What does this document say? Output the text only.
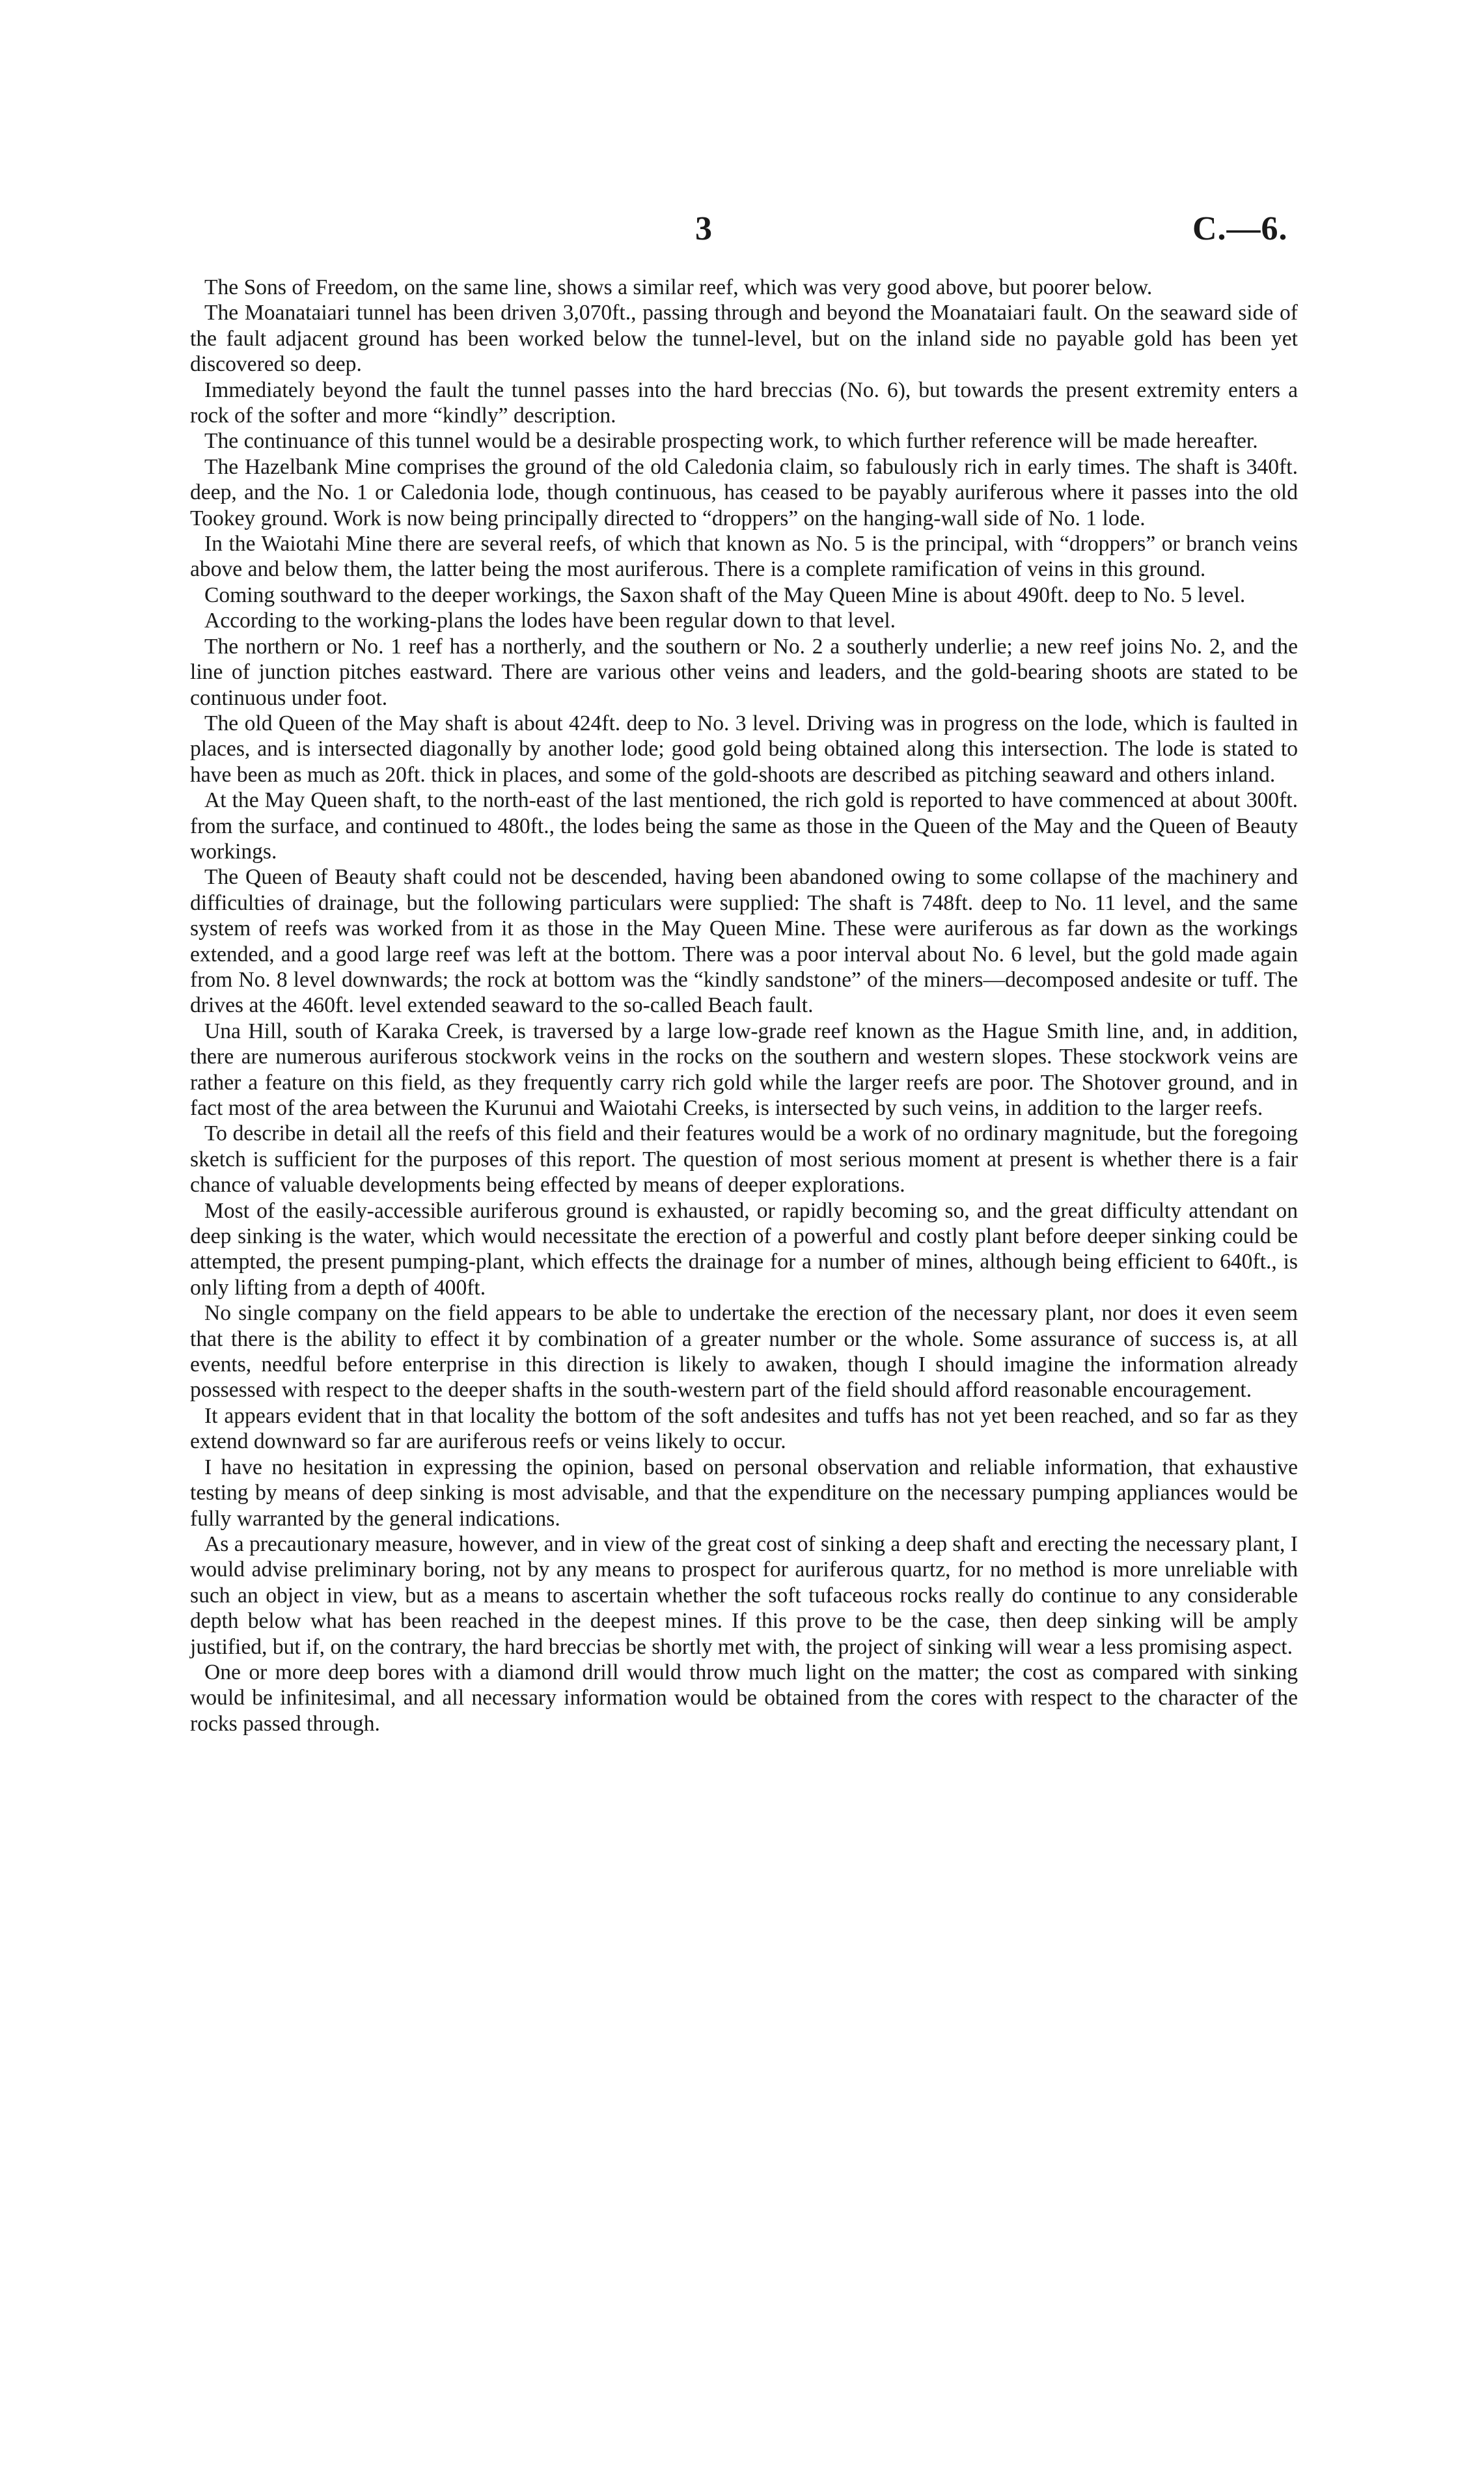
3	C.—6.

The Sons of Freedom, on the same line, shows a similar reef, which was very good above, but poorer below.

The Moanataiari tunnel has been driven 3,070ft., passing through and beyond the Moanataiari fault. On the seaward side of the fault adjacent ground has been worked below the tunnel-level, but on the inland side no payable gold has been yet discovered so deep.

Immediately beyond the fault the tunnel passes into the hard breccias (No. 6), but towards the present extremity enters a rock of the softer and more “kindly” description.

The continuance of this tunnel would be a desirable prospecting work, to which further reference will be made hereafter.

The Hazelbank Mine comprises the ground of the old Caledonia claim, so fabulously rich in early times. The shaft is 340ft. deep, and the No. 1 or Caledonia lode, though continuous, has ceased to be payably auriferous where it passes into the old Tookey ground. Work is now being principally directed to “droppers” on the hanging-wall side of No. 1 lode.

In the Waiotahi Mine there are several reefs, of which that known as No. 5 is the principal, with “droppers” or branch veins above and below them, the latter being the most auriferous. There is a complete ramification of veins in this ground.

Coming southward to the deeper workings, the Saxon shaft of the May Queen Mine is about 490ft. deep to No. 5 level.

According to the working-plans the lodes have been regular down to that level.

The northern or No. 1 reef has a northerly, and the southern or No. 2 a southerly underlie; a new reef joins No. 2, and the line of junction pitches eastward. There are various other veins and leaders, and the gold-bearing shoots are stated to be continuous under foot.

The old Queen of the May shaft is about 424ft. deep to No. 3 level. Driving was in progress on the lode, which is faulted in places, and is intersected diagonally by another lode; good gold being obtained along this intersection. The lode is stated to have been as much as 20ft. thick in places, and some of the gold-shoots are described as pitching seaward and others inland.

At the May Queen shaft, to the north-east of the last mentioned, the rich gold is reported to have commenced at about 300ft. from the surface, and continued to 480ft., the lodes being the same as those in the Queen of the May and the Queen of Beauty workings.

The Queen of Beauty shaft could not be descended, having been abandoned owing to some collapse of the machinery and difficulties of drainage, but the following particulars were supplied: The shaft is 748ft. deep to No. 11 level, and the same system of reefs was worked from it as those in the May Queen Mine. These were auriferous as far down as the workings extended, and a good large reef was left at the bottom. There was a poor interval about No. 6 level, but the gold made again from No. 8 level downwards; the rock at bottom was the “kindly sandstone” of the miners—decomposed andesite or tuff. The drives at the 460ft. level extended seaward to the so-called Beach fault.

Una Hill, south of Karaka Creek, is traversed by a large low-grade reef known as the Hague Smith line, and, in addition, there are numerous auriferous stockwork veins in the rocks on the southern and western slopes. These stockwork veins are rather a feature on this field, as they frequently carry rich gold while the larger reefs are poor. The Shotover ground, and in fact most of the area between the Kurunui and Waiotahi Creeks, is intersected by such veins, in addition to the larger reefs.

To describe in detail all the reefs of this field and their features would be a work of no ordinary magnitude, but the foregoing sketch is sufficient for the purposes of this report. The question of most serious moment at present is whether there is a fair chance of valuable developments being effected by means of deeper explorations.

Most of the easily-accessible auriferous ground is exhausted, or rapidly becoming so, and the great difficulty attendant on deep sinking is the water, which would necessitate the erection of a powerful and costly plant before deeper sinking could be attempted, the present pumping-plant, which effects the drainage for a number of mines, although being efficient to 640ft., is only lifting from a depth of 400ft.

No single company on the field appears to be able to undertake the erection of the necessary plant, nor does it even seem that there is the ability to effect it by combination of a greater number or the whole. Some assurance of success is, at all events, needful before enterprise in this direction is likely to awaken, though I should imagine the information already possessed with respect to the deeper shafts in the south-western part of the field should afford reasonable encouragement.

It appears evident that in that locality the bottom of the soft andesites and tuffs has not yet been reached, and so far as they extend downward so far are auriferous reefs or veins likely to occur.

I have no hesitation in expressing the opinion, based on personal observation and reliable information, that exhaustive testing by means of deep sinking is most advisable, and that the expenditure on the necessary pumping appliances would be fully warranted by the general indications.

As a precautionary measure, however, and in view of the great cost of sinking a deep shaft and erecting the necessary plant, I would advise preliminary boring, not by any means to prospect for auriferous quartz, for no method is more unreliable with such an object in view, but as a means to ascertain whether the soft tufaceous rocks really do continue to any considerable depth below what has been reached in the deepest mines. If this prove to be the case, then deep sinking will be amply justified, but if, on the contrary, the hard breccias be shortly met with, the project of sinking will wear a less promising aspect.

One or more deep bores with a diamond drill would throw much light on the matter; the cost as compared with sinking would be infinitesimal, and all necessary information would be obtained from the cores with respect to the character of the rocks passed through.
